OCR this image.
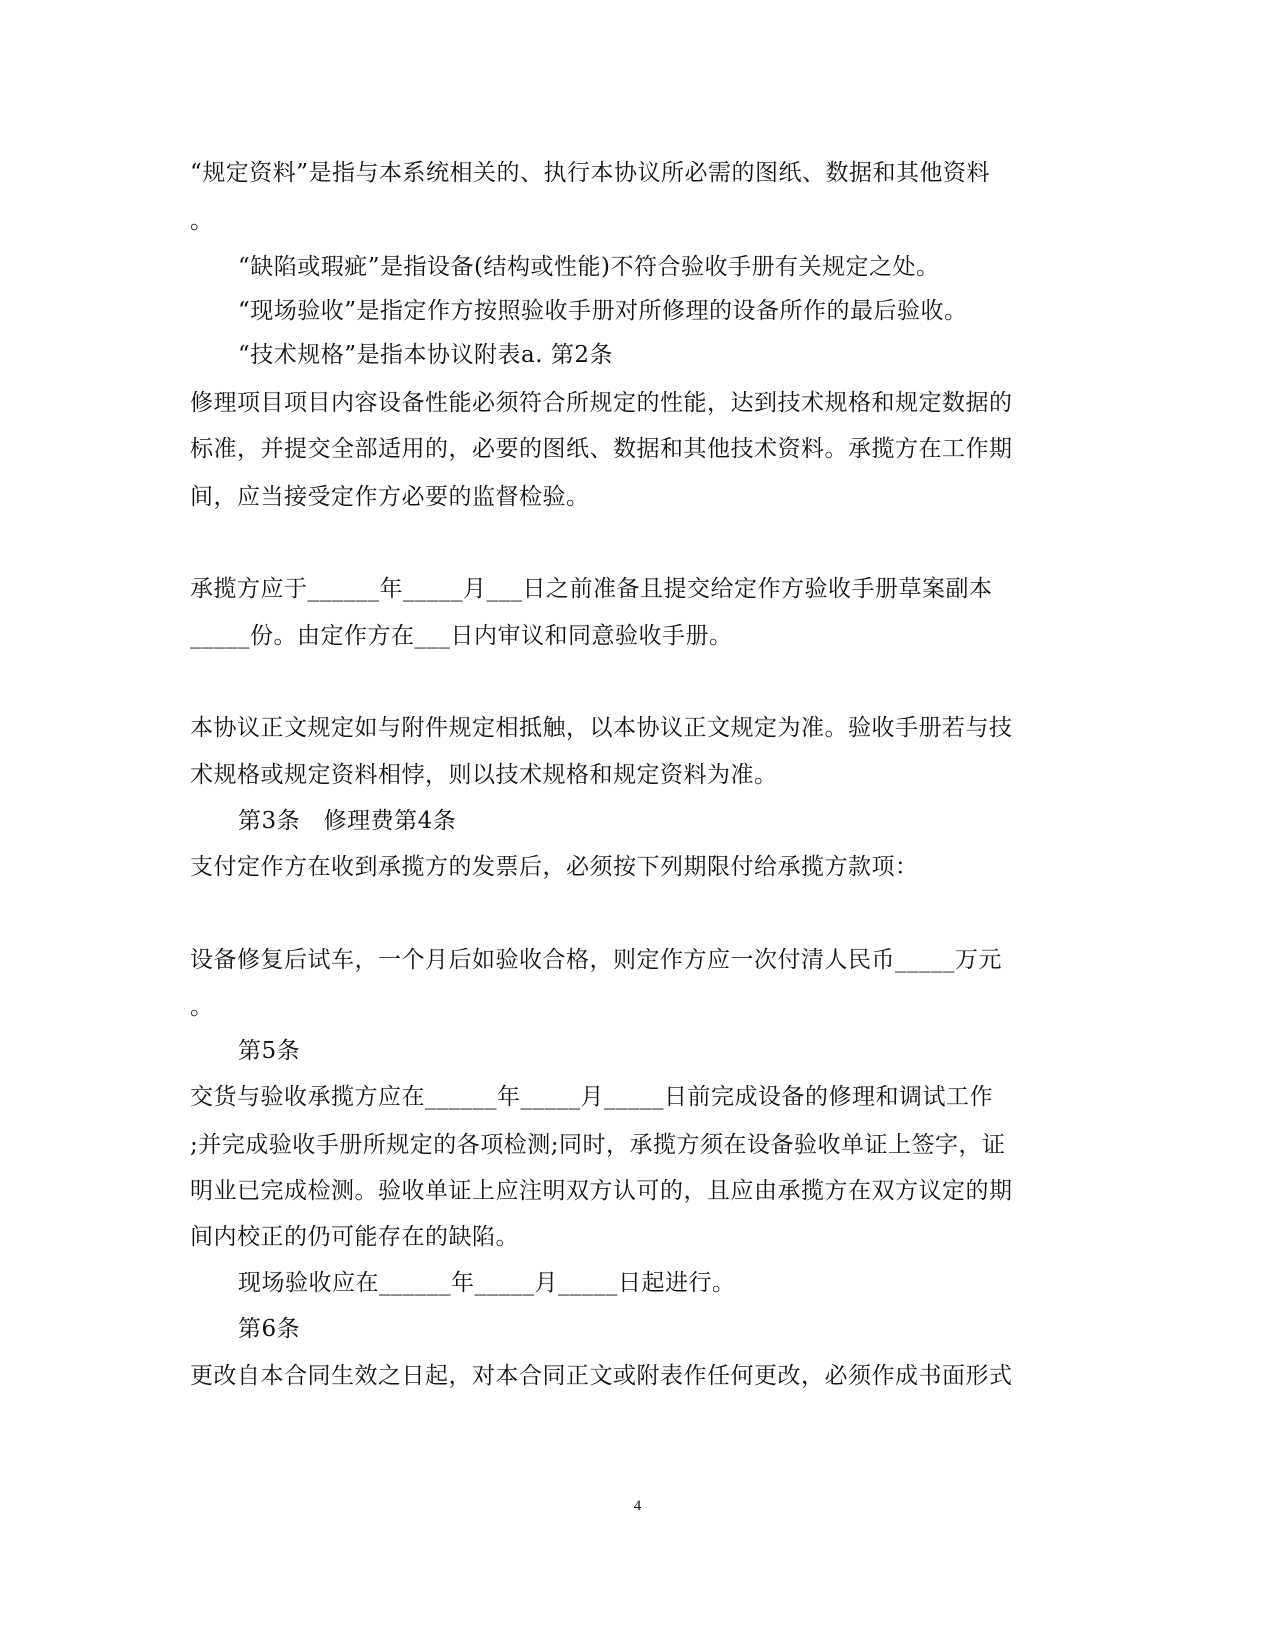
“规定资料”是指与本系统相关的、执行本协议所必需的图纸、数据和其他资料
。
“缺陷或瑕疵”是指设备(结构或性能)不符合验收手册有关规定之处。
“现场验收”是指定作方按照验收手册对所修理的设备所作的最后验收。
“技术规格”是指本协议附表a. 第2条
修理项目项目内容设备性能必须符合所规定的性能，达到技术规格和规定数据的
标准，并提交全部适用的，必要的图纸、数据和其他技术资料。承揽方在工作期
间，应当接受定作方必要的监督检验。
承揽方应于______年_____月___日之前准备且提交给定作方验收手册草案副本
_____份。由定作方在___日内审议和同意验收手册。
本协议正文规定如与附件规定相抵触，以本协议正文规定为准。验收手册若与技
术规格或规定资料相悖，则以技术规格和规定资料为准。
第3条　修理费第4条
支付定作方在收到承揽方的发票后，必须按下列期限付给承揽方款项：
设备修复后试车，一个月后如验收合格，则定作方应一次付清人民币_____万元
。
第5条
交货与验收承揽方应在______年_____月_____日前完成设备的修理和调试工作
;并完成验收手册所规定的各项检测;同时，承揽方须在设备验收单证上签字，证
明业已完成检测。验收单证上应注明双方认可的，且应由承揽方在双方议定的期
间内校正的仍可能存在的缺陷。
现场验收应在______年_____月_____日起进行。
第6条
更改自本合同生效之日起，对本合同正文或附表作任何更改，必须作成书面形式
4
